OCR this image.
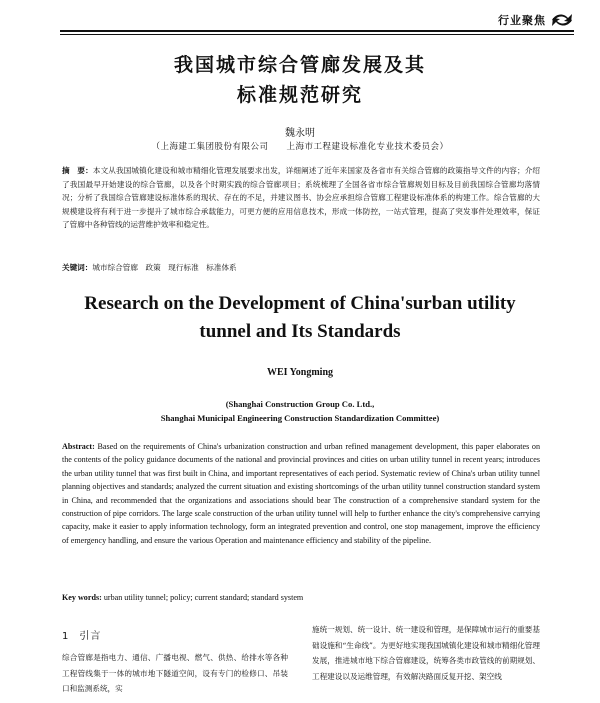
行业聚焦
我国城市综合管廊发展及其
标准规范研究
魏永明
（上海建工集团股份有限公司　　上海市工程建设标准化专业技术委员会）
摘　要：本文从我国城镇化建设和城市精细化管理发展要求出发，详细阐述了近年来国家及各省市有关综合管廊的政策指导文件的内容；介绍了我国最早开始建设的综合管廊，以及各个时期实践的综合管廊项目；系统梳理了全国各省市综合管廊规划目标及目前我国综合管廊均落情况；分析了我国综合管廊建设标准体系的现状、存在的不足，并建议图书、协会应承担综合管廊工程建设标准体系的构建工作。综合管廊的大规模建设将有利于进一步提升了城市综合承载能力，可更方便的应用信息技术，形成一体防控，一站式管理，提高了突发事件处理效率，保证了管廊中各种管线的运营维护效率和稳定性。
关键词：城市综合管廊　政策　现行标准　标准体系
Research on the Development of China'surban utility
tunnel and Its Standards
WEI Yongming
(Shanghai Construction Group Co. Ltd.,
Shanghai Municipal Engineering Construction Standardization Committee)
Abstract: Based on the requirements of China's urbanization construction and urban refined management development, this paper elaborates on the contents of the policy guidance documents of the national and provincial provinces and cities on urban utility tunnel in recent years; introduces the urban utility tunnel that was first built in China, and important representatives of each period. Systematic review of China's urban utility tunnel planning objectives and standards; analyzed the current situation and existing shortcomings of the urban utility tunnel construction standard system in China, and recommended that the organizations and associations should bear The construction of a comprehensive standard system for the construction of pipe corridors. The large scale construction of the urban utility tunnel will help to further enhance the city's comprehensive carrying capacity, make it easier to apply information technology, form an integrated prevention and control, one stop management, improve the efficiency of emergency handling, and ensure the various Operation and maintenance efficiency and stability of the pipeline.
Key words: urban utility tunnel; policy; current standard; standard system
1 引言
综合管廊是指电力、通信、广播电视、燃气、供热、给排水等各种工程管线集于一体的城市地下隧道空间，设有专门的检修口、吊装口和监测系统，实
施统一规划、统一设计、统一建设和管理，是保障城市运行的重要基础设施和“生命线”。为更好地实现我国城镇化建设和城市精细化管理发展，推进城市地下综合管廊建设，统筹各类市政管线的前期规划、工程建设以及运维管理，有效解决路面反复开挖、架空线
